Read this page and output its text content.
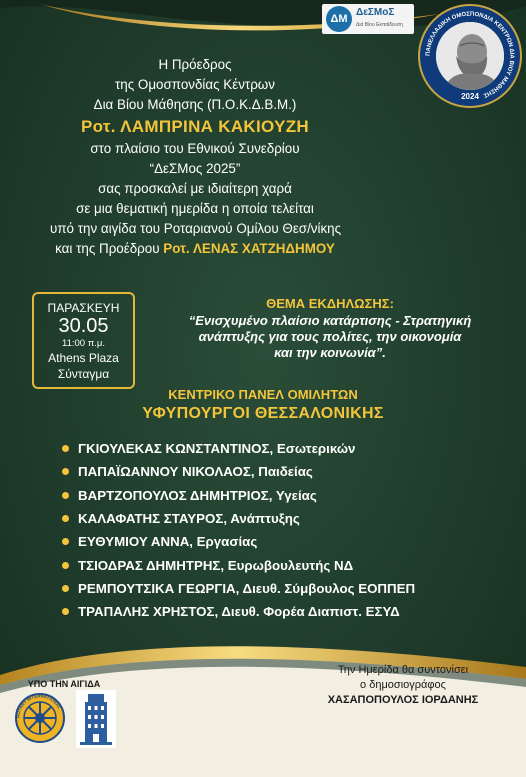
ΔΜ
ΔεΣΜοΣ
Διά Βίου Εκπαίδευση
ΠΑΝΕΛΛΑΔΙΚΗ ΟΜΟΣΠΟΝΔΙΑ ΚΕΝΤΡΩΝ ΔΙΑ ΒΙΟΥ ΜΑΘΗΣΗΣ
2024
Η Πρόεδρος
της Ομοσπονδίας Κέντρων
Δια Βίου Μάθησης (Π.Ο.Κ.Δ.Β.Μ.)
Ροτ. ΛΑΜΠΡΙΝΑ ΚΑΚΙΟΥΖΗ
στο πλαίσιο του Εθνικού Συνεδρίου
“ΔεΣΜος 2025”
σας προσκαλεί με ιδιαίτερη χαρά
σε μια θεματική ημερίδα η οποία τελείται
υπό την αιγίδα του Ροταριανού Ομίλου Θεσ/νίκης
και της Προέδρου Ροτ. ΛΕΝΑΣ ΧΑΤΖΗΔΗΜΟΥ
ΠΑΡΑΣΚΕΥΗ
30.05
11:00 π.μ.
Athens Plaza
Σύνταγμα
ΘΕΜΑ ΕΚΔΗΛΩΣΗΣ:
“Ενισχυμένο πλαίσιο κατάρτισης - Στρατηγική
ανάπτυξης για τους πολίτες, την οικονομία
και την κοινωνία”.
ΚΕΝΤΡΙΚΟ ΠΑΝΕΛ ΟΜΙΛΗΤΩΝ
ΥΦΥΠΟΥΡΓΟΙ ΘΕΣΣΑΛΟΝΙΚΗΣ
ΓΚΙΟΥΛΕΚΑΣ ΚΩΝΣΤΑΝΤΙΝΟΣ , Εσωτερικών
ΠΑΠΑΪΩΑΝΝΟΥ ΝΙΚΟΛΑΟΣ , Παιδείας
ΒΑΡΤΖΟΠΟΥΛΟΣ ΔΗΜΗΤΡΙΟΣ , Υγείας
ΚΑΛΑΦΑΤΗΣ ΣΤΑΥΡΟΣ , Ανάπτυξης
ΕΥΘΥΜΙΟΥ ΑΝΝΑ , Εργασίας
ΤΣΙΟΔΡΑΣ ΔΗΜΗΤΡΗΣ , Ευρωβουλευτής ΝΔ
ΡΕΜΠΟΥΤΣΙΚΑ ΓΕΩΡΓΙΑ , Διευθ. Σύμβουλος ΕΟΠΠΕΠ
ΤΡΑΠΑΛΗΣ ΧΡΗΣΤΟΣ , Διευθ. Φορέα Διαπιστ. ΕΣΥΔ
ΥΠΟ ΤΗΝ ΑΙΓΙΔΑ
ROTARY INTERNATIONAL
Την Ημερίδα θα συντονίσει
ο δημοσιογράφος
ΧΑΣΑΠΟΠΟΥΛΟΣ ΙΟΡΔΑΝΗΣ
